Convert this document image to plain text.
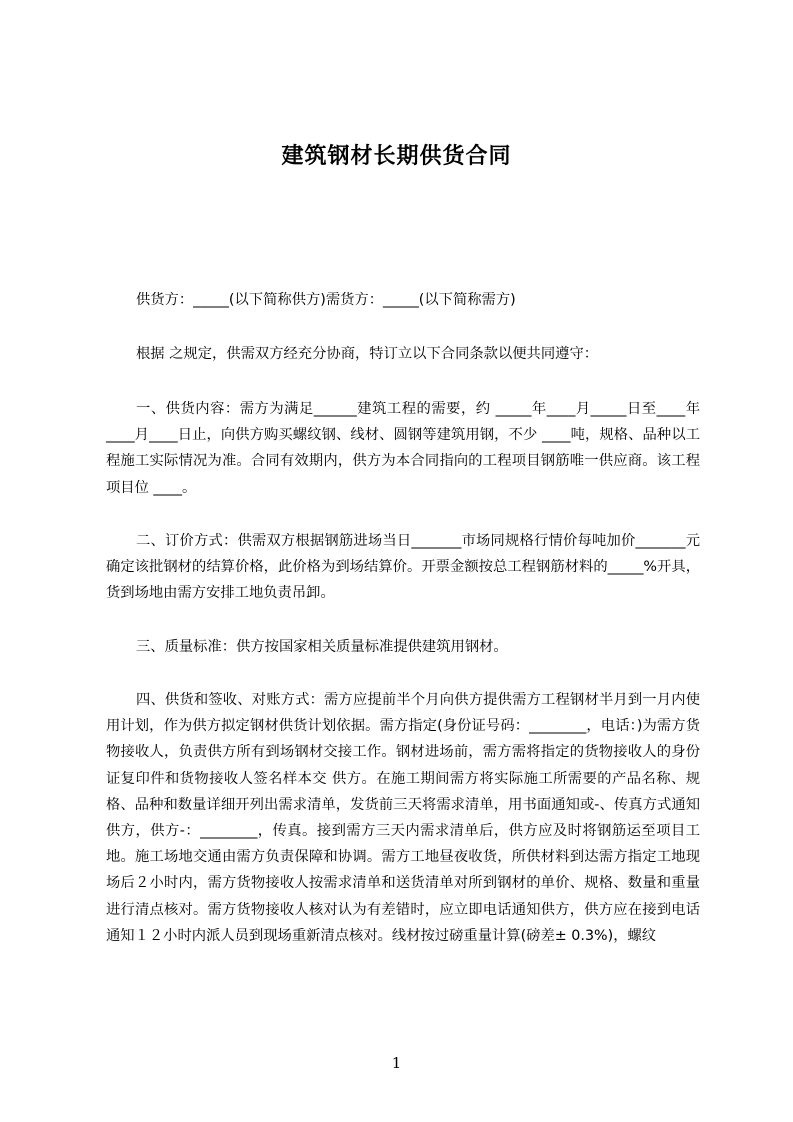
建筑钢材长期供货合同

供货方：_____(以下简称供方)需货方：_____(以下简称需方)

根据 之规定，供需双方经充分协商，特订立以下合同条款以便共同遵守：

一、供货内容：需方为满足______建筑工程的需要，约 _____年____月_____日至____年____月____日止，向供方购买螺纹钢、线材、圆钢等建筑用钢，不少 ____吨，规格、品种以工程施工实际情况为准。合同有效期内，供方为本合同指向的工程项目钢筋唯一供应商。该工程项目位 ____。

二、订价方式：供需双方根据钢筋进场当日_______市场同规格行情价每吨加价_______元确定该批钢材的结算价格，此价格为到场结算价。开票金额按总工程钢筋材料的_____%开具，货到场地由需方安排工地负责吊卸。

三、质量标准：供方按国家相关质量标准提供建筑用钢材。

四、供货和签收、对账方式：需方应提前半个月向供方提供需方工程钢材半月到一月内使用计划，作为供方拟定钢材供货计划依据。需方指定(身份证号码：________，电话：)为需方货物接收人，负责供方所有到场钢材交接工作。钢材进场前，需方需将指定的货物接收人的身份证复印件和货物接收人签名样本交 供方。在施工期间需方将实际施工所需要的产品名称、规格、品种和数量详细开列出需求清单，发货前三天将需求清单，用书面通知或-、传真方式通知供方，供方-：________，传真。接到需方三天内需求清单后，供方应及时将钢筋运至项目工地。施工场地交通由需方负责保障和协调。需方工地昼夜收货，所供材料到达需方指定工地现场后２小时内，需方货物接收人按需求清单和送货清单对所到钢材的单价、规格、数量和重量进行清点核对。需方货物接收人核对认为有差错时，应立即电话通知供方，供方应在接到电话通知１２小时内派人员到现场重新清点核对。线材按过磅重量计算(磅差± 0.3%)，螺纹

1
